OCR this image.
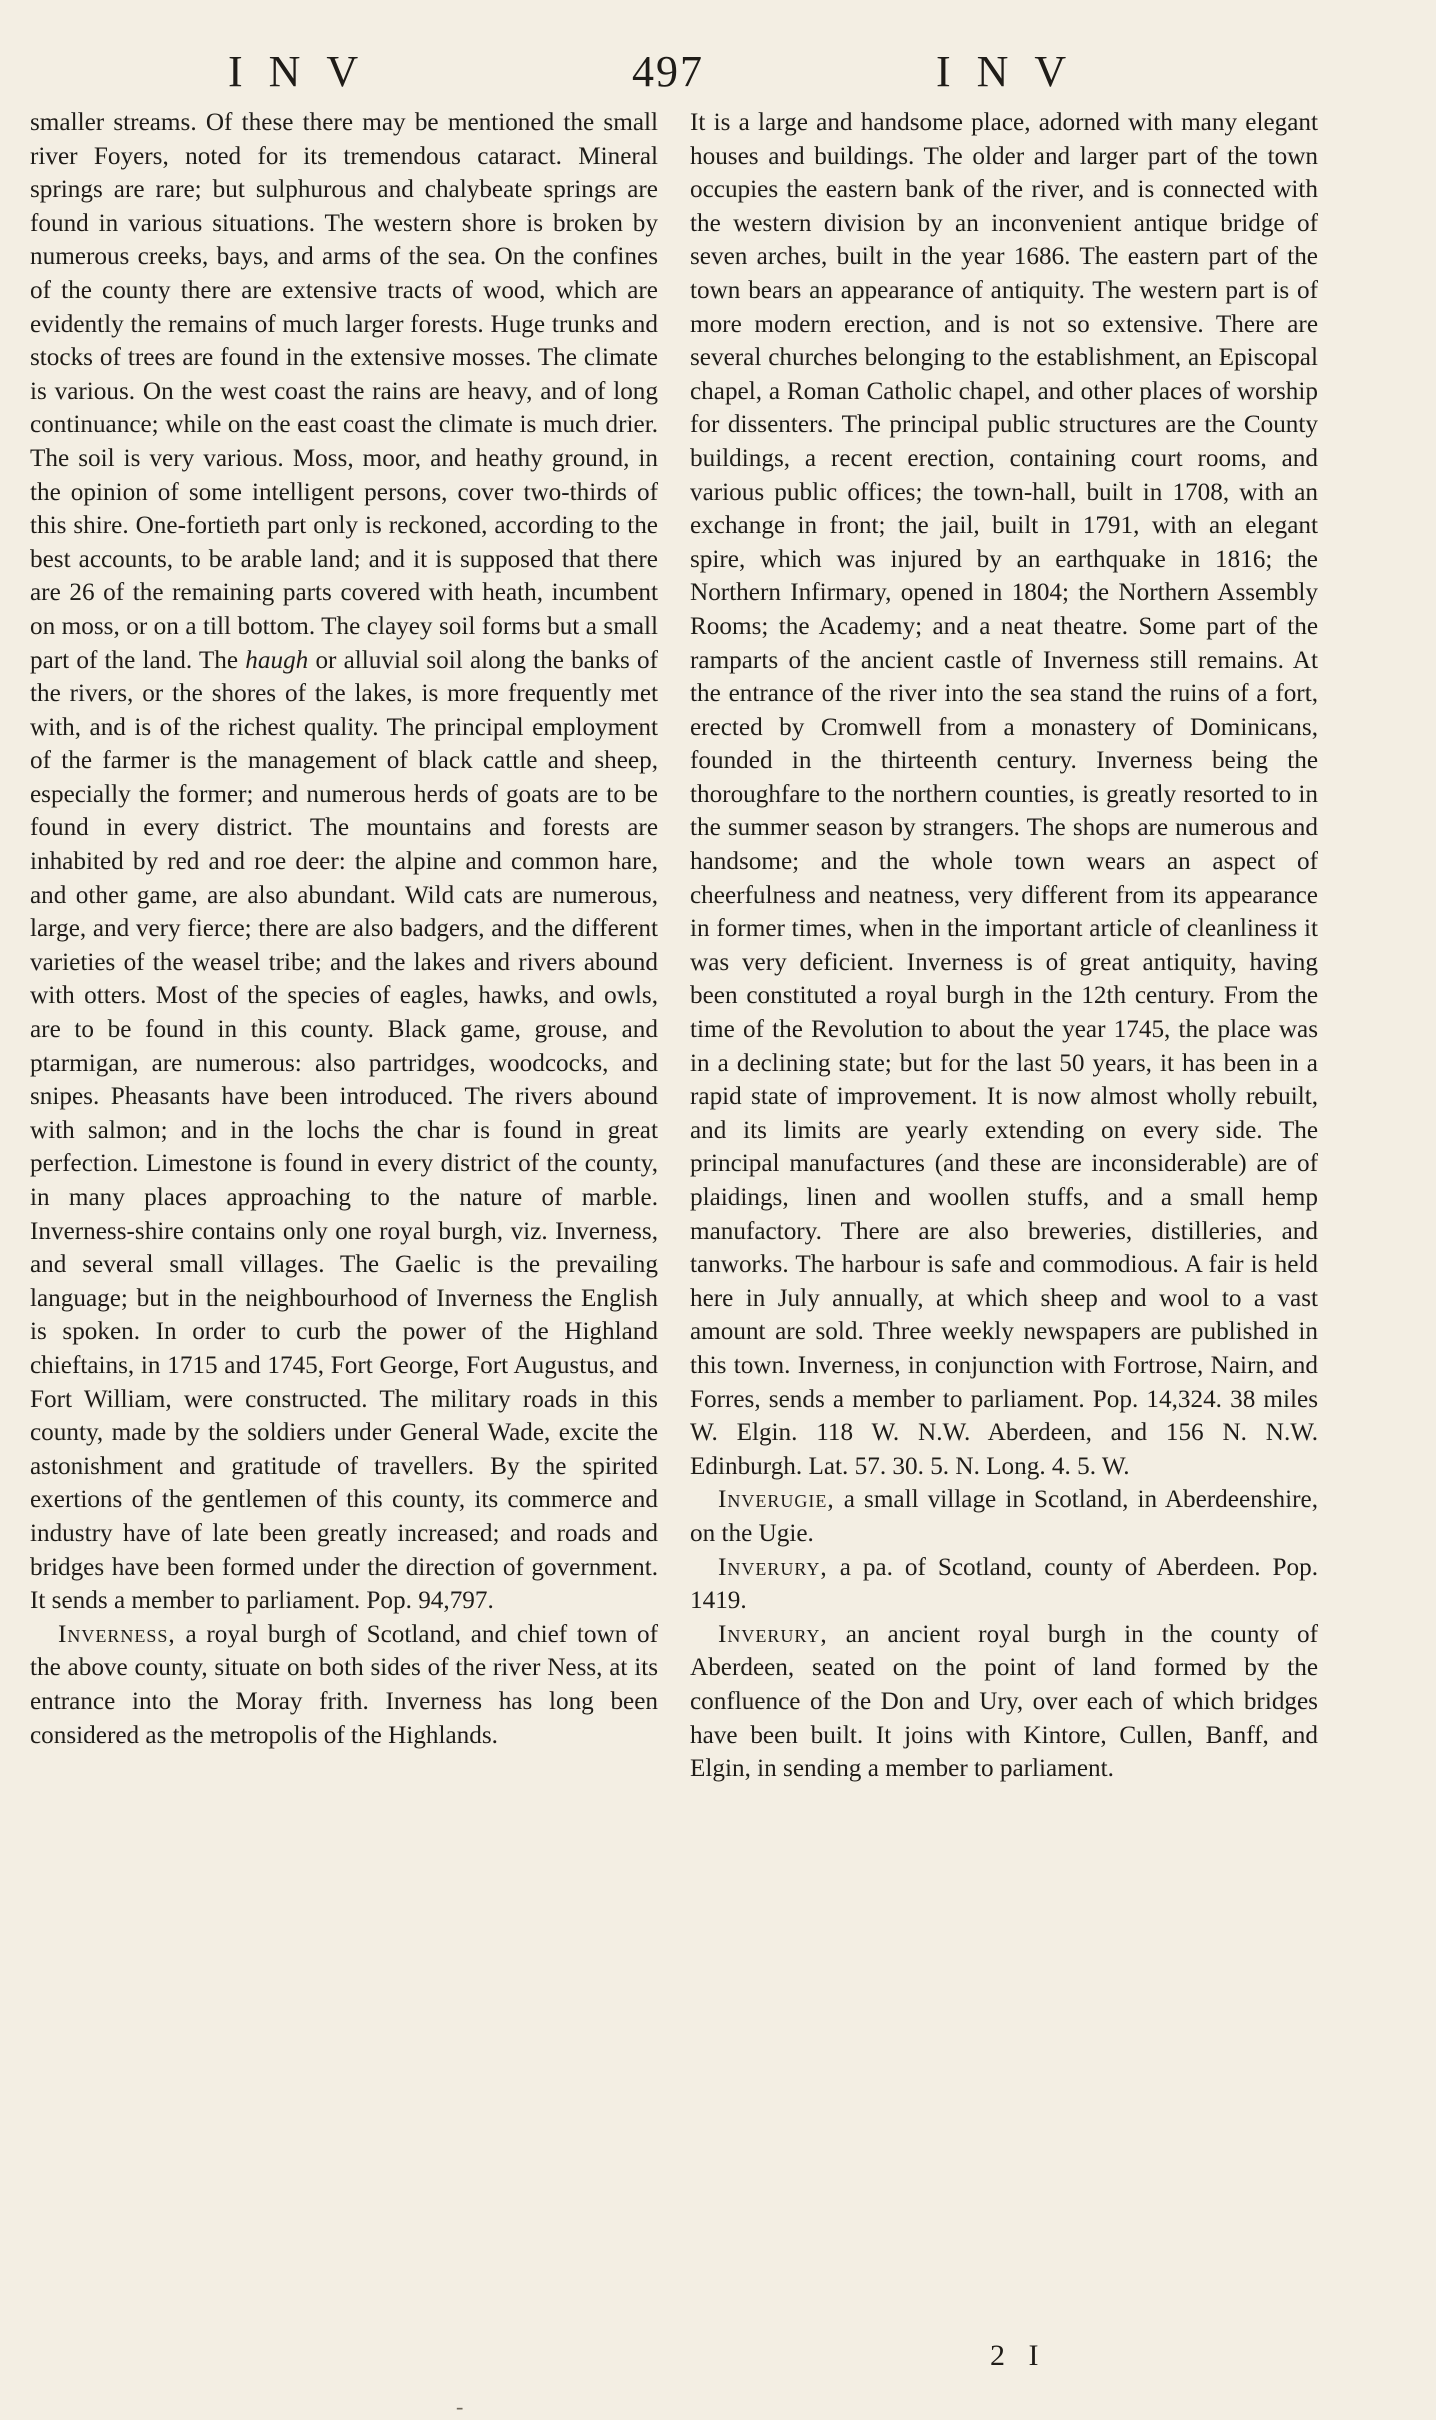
INV	497	INV

smaller streams. Of these there may be mentioned the small river Foyers, noted for its tremendous cataract. Mineral springs are rare; but sulphurous and chalybeate springs are found in various situations. The western shore is broken by numerous creeks, bays, and arms of the sea. On the confines of the county there are extensive tracts of wood, which are evidently the remains of much larger forests. Huge trunks and stocks of trees are found in the extensive mosses. The climate is various. On the west coast the rains are heavy, and of long continuance; while on the east coast the climate is much drier. The soil is very various. Moss, moor, and heathy ground, in the opinion of some intelligent persons, cover two-thirds of this shire. One-fortieth part only is reckoned, according to the best accounts, to be arable land; and it is supposed that there are 26 of the remaining parts covered with heath, incumbent on moss, or on a till bottom. The clayey soil forms but a small part of the land. The haugh or alluvial soil along the banks of the rivers, or the shores of the lakes, is more frequently met with, and is of the richest quality. The principal employment of the farmer is the management of black cattle and sheep, especially the former; and numerous herds of goats are to be found in every district. The mountains and forests are inhabited by red and roe deer: the alpine and common hare, and other game, are also abundant. Wild cats are numerous, large, and very fierce; there are also badgers, and the different varieties of the weasel tribe; and the lakes and rivers abound with otters. Most of the species of eagles, hawks, and owls, are to be found in this county. Black game, grouse, and ptarmigan, are numerous: also partridges, woodcocks, and snipes. Pheasants have been introduced. The rivers abound with salmon; and in the lochs the char is found in great perfection. Limestone is found in every district of the county, in many places approaching to the nature of marble. Inverness-shire contains only one royal burgh, viz. Inverness, and several small villages. The Gaelic is the prevailing language; but in the neighbourhood of Inverness the English is spoken. In order to curb the power of the Highland chieftains, in 1715 and 1745, Fort George, Fort Augustus, and Fort William, were constructed. The military roads in this county, made by the soldiers under General Wade, excite the astonishment and gratitude of travellers. By the spirited exertions of the gentlemen of this county, its commerce and industry have of late been greatly increased; and roads and bridges have been formed under the direction of government. It sends a member to parliament. Pop. 94,797.

Inverness, a royal burgh of Scotland, and chief town of the above county, situate on both sides of the river Ness, at its entrance into the Moray frith. Inverness has long been considered as the metropolis of the Highlands.

It is a large and handsome place, adorned with many elegant houses and buildings. The older and larger part of the town occupies the eastern bank of the river, and is connected with the western division by an inconvenient antique bridge of seven arches, built in the year 1686. The eastern part of the town bears an appearance of antiquity. The western part is of more modern erection, and is not so extensive. There are several churches belonging to the establishment, an Episcopal chapel, a Roman Catholic chapel, and other places of worship for dissenters. The principal public structures are the County buildings, a recent erection, containing court rooms, and various public offices; the town-hall, built in 1708, with an exchange in front; the jail, built in 1791, with an elegant spire, which was injured by an earthquake in 1816; the Northern Infirmary, opened in 1804; the Northern Assembly Rooms; the Academy; and a neat theatre. Some part of the ramparts of the ancient castle of Inverness still remains. At the entrance of the river into the sea stand the ruins of a fort, erected by Cromwell from a monastery of Dominicans, founded in the thirteenth century. Inverness being the thoroughfare to the northern counties, is greatly resorted to in the summer season by strangers. The shops are numerous and handsome; and the whole town wears an aspect of cheerfulness and neatness, very different from its appearance in former times, when in the important article of cleanliness it was very deficient. Inverness is of great antiquity, having been constituted a royal burgh in the 12th century. From the time of the Revolution to about the year 1745, the place was in a declining state; but for the last 50 years, it has been in a rapid state of improvement. It is now almost wholly rebuilt, and its limits are yearly extending on every side. The principal manufactures (and these are inconsiderable) are of plaidings, linen and woollen stuffs, and a small hemp manufactory. There are also breweries, distilleries, and tanworks. The harbour is safe and commodious. A fair is held here in July annually, at which sheep and wool to a vast amount are sold. Three weekly newspapers are published in this town. Inverness, in conjunction with Fortrose, Nairn, and Forres, sends a member to parliament. Pop. 14,324. 38 miles W. Elgin. 118 W. N.W. Aberdeen, and 156 N. N.W. Edinburgh. Lat. 57. 30. 5. N. Long. 4. 5. W.

Inverugie, a small village in Scotland, in Aberdeenshire, on the Ugie.

Inverury, a pa. of Scotland, county of Aberdeen. Pop. 1419.

Inverury, an ancient royal burgh in the county of Aberdeen, seated on the point of land formed by the confluence of the Don and Ury, over each of which bridges have been built. It joins with Kintore, Cullen, Banff, and Elgin, in sending a member to parliament.

2 I
-
